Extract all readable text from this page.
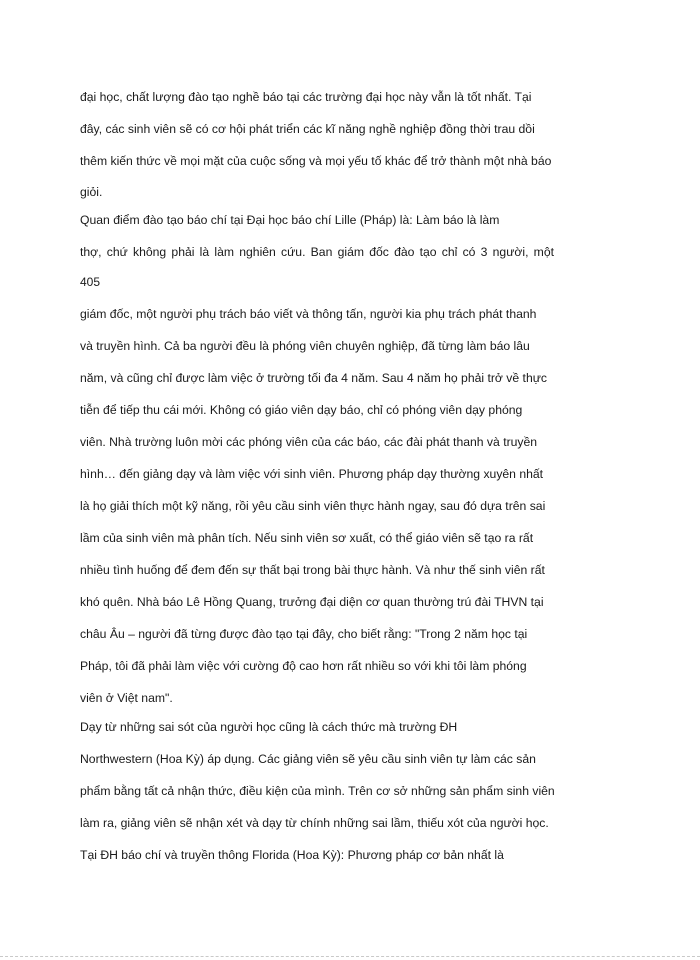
đại học, chất lượng đào tạo nghề báo tại các trường đại học này vẫn là tốt nhất. Tại
đây, các sinh viên sẽ có cơ hội phát triển các kĩ năng nghề nghiệp đồng thời trau dồi
thêm kiến thức về mọi mặt của cuộc sống và mọi yếu tố khác để trở thành một nhà báo
giỏi.
Quan điểm đào tạo báo chí tại Đại học báo chí Lille (Pháp) là: Làm báo là làm
thợ, chứ không phải là làm nghiên cứu. Ban giám đốc đào tạo chỉ có 3 người, một
405
giám đốc, một người phụ trách báo viết và thông tấn, người kia phụ trách phát thanh
và truyền hình. Cả ba người đều là phóng viên chuyên nghiệp, đã từng làm báo lâu
năm, và cũng chỉ được làm việc ở trường tối đa 4 năm. Sau 4 năm họ phải trở về thực
tiễn để tiếp thu cái mới. Không có giáo viên dạy báo, chỉ có phóng viên dạy phóng
viên. Nhà trường luôn mời các phóng viên của các báo, các đài phát thanh và truyền
hình… đến giảng dạy và làm việc với sinh viên. Phương pháp dạy thường xuyên nhất
là họ giải thích một kỹ năng, rồi yêu cầu sinh viên thực hành ngay, sau đó dựa trên sai
lầm của sinh viên mà phân tích. Nếu sinh viên sơ xuất, có thể giáo viên sẽ tạo ra rất
nhiều tình huống để đem đến sự thất bại trong bài thực hành. Và như thế sinh viên rất
khó quên. Nhà báo Lê Hồng Quang, trưởng đại diện cơ quan thường trú đài THVN tại
châu Âu – người đã từng được đào tạo tại đây, cho biết rằng: "Trong 2 năm học tại
Pháp, tôi đã phải làm việc với cường độ cao hơn rất nhiều so với khi tôi làm phóng
viên ở Việt nam".
Dạy từ những sai sót của người học cũng là cách thức mà trường ĐH
Northwestern (Hoa Kỳ) áp dụng. Các giảng viên sẽ yêu cầu sinh viên tự làm các sản
phẩm bằng tất cả nhận thức, điều kiện của mình. Trên cơ sở những sản phẩm sinh viên
làm ra, giảng viên sẽ nhận xét và dạy từ chính những sai lầm, thiếu xót của người học.
Tại ĐH báo chí và truyền thông Florida (Hoa Kỳ): Phương pháp cơ bản nhất là
